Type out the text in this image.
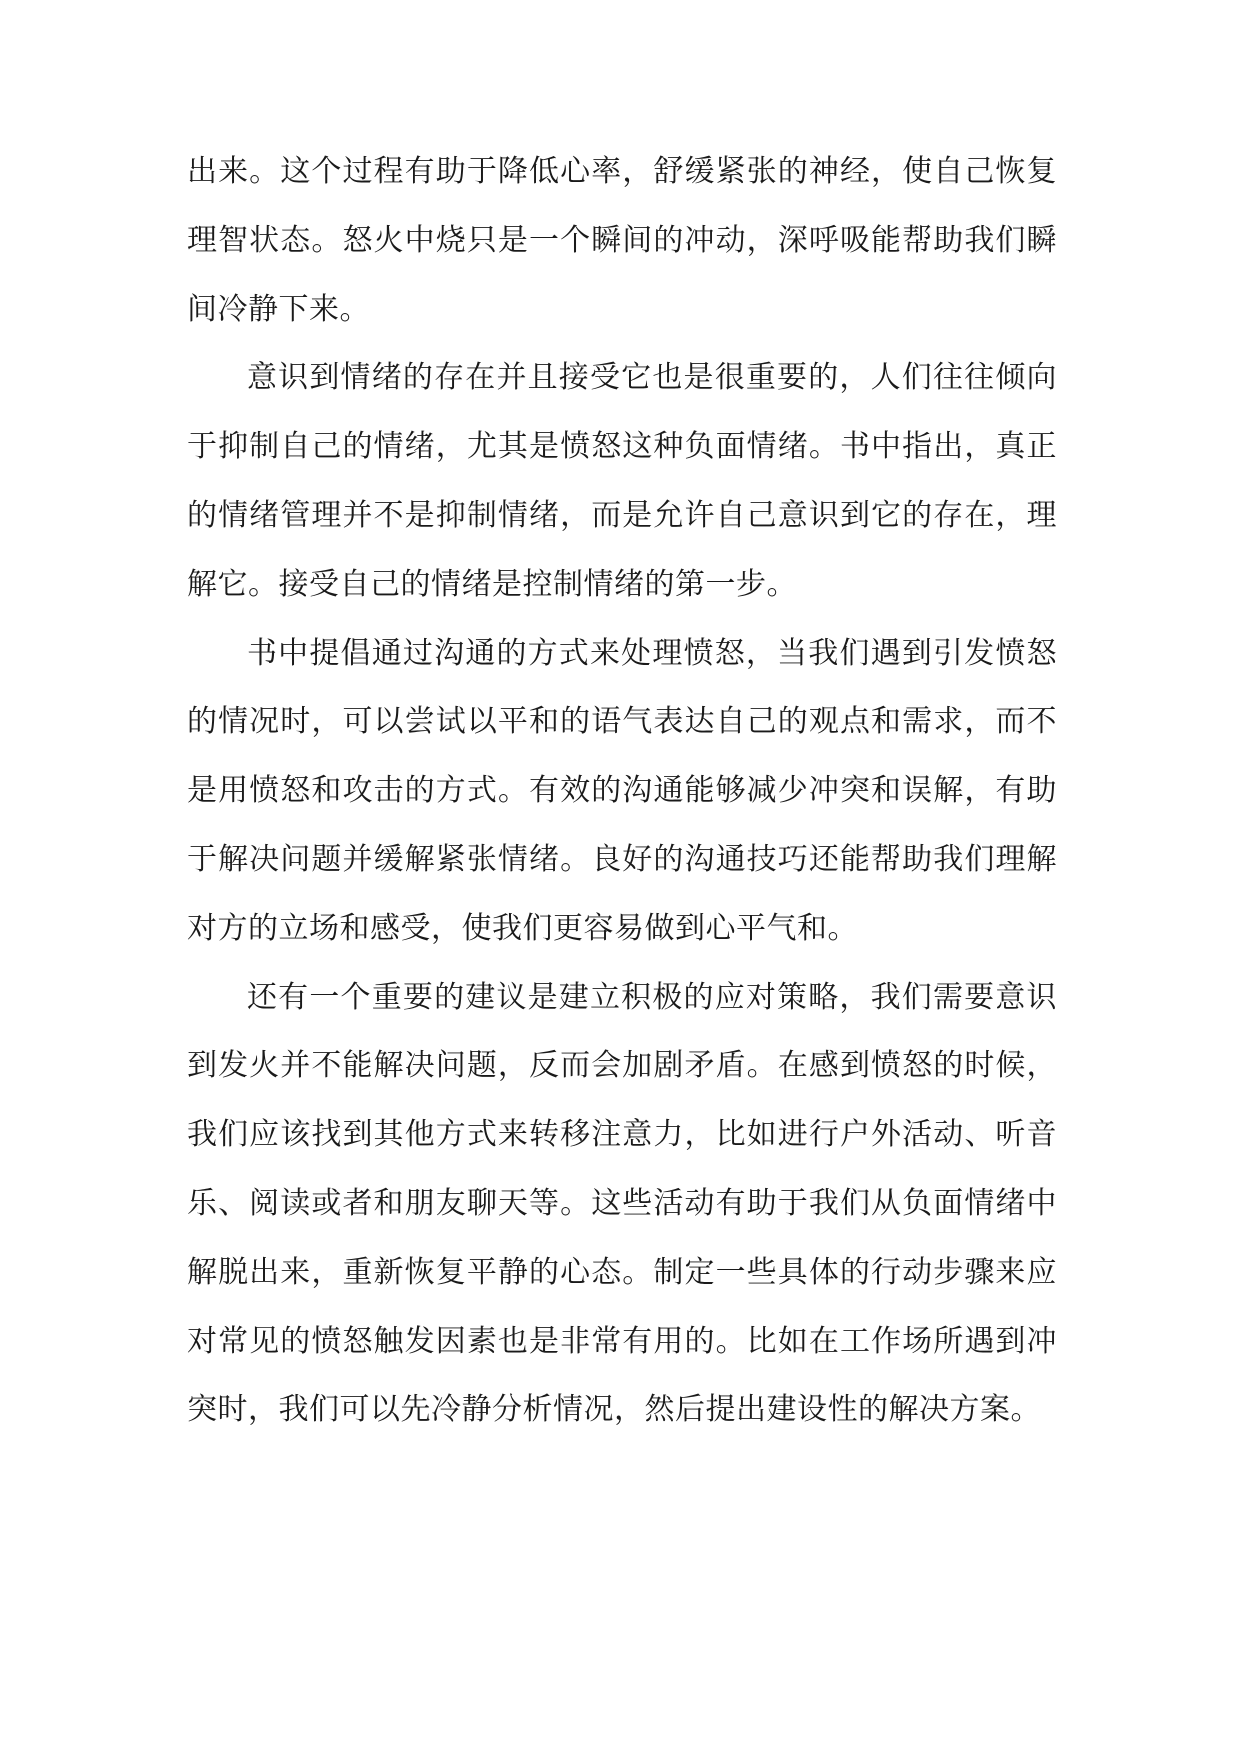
出来。这个过程有助于降低心率，舒缓紧张的神经，使自己恢复理智状态。怒火中烧只是一个瞬间的冲动，深呼吸能帮助我们瞬间冷静下来。

意识到情绪的存在并且接受它也是很重要的，人们往往倾向于抑制自己的情绪，尤其是愤怒这种负面情绪。书中指出，真正的情绪管理并不是抑制情绪，而是允许自己意识到它的存在，理解它。接受自己的情绪是控制情绪的第一步。

书中提倡通过沟通的方式来处理愤怒，当我们遇到引发愤怒的情况时，可以尝试以平和的语气表达自己的观点和需求，而不是用愤怒和攻击的方式。有效的沟通能够减少冲突和误解，有助于解决问题并缓解紧张情绪。良好的沟通技巧还能帮助我们理解对方的立场和感受，使我们更容易做到心平气和。

还有一个重要的建议是建立积极的应对策略，我们需要意识到发火并不能解决问题，反而会加剧矛盾。在感到愤怒的时候，我们应该找到其他方式来转移注意力，比如进行户外活动、听音乐、阅读或者和朋友聊天等。这些活动有助于我们从负面情绪中解脱出来，重新恢复平静的心态。制定一些具体的行动步骤来应对常见的愤怒触发因素也是非常有用的。比如在工作场所遇到冲突时，我们可以先冷静分析情况，然后提出建设性的解决方案。
